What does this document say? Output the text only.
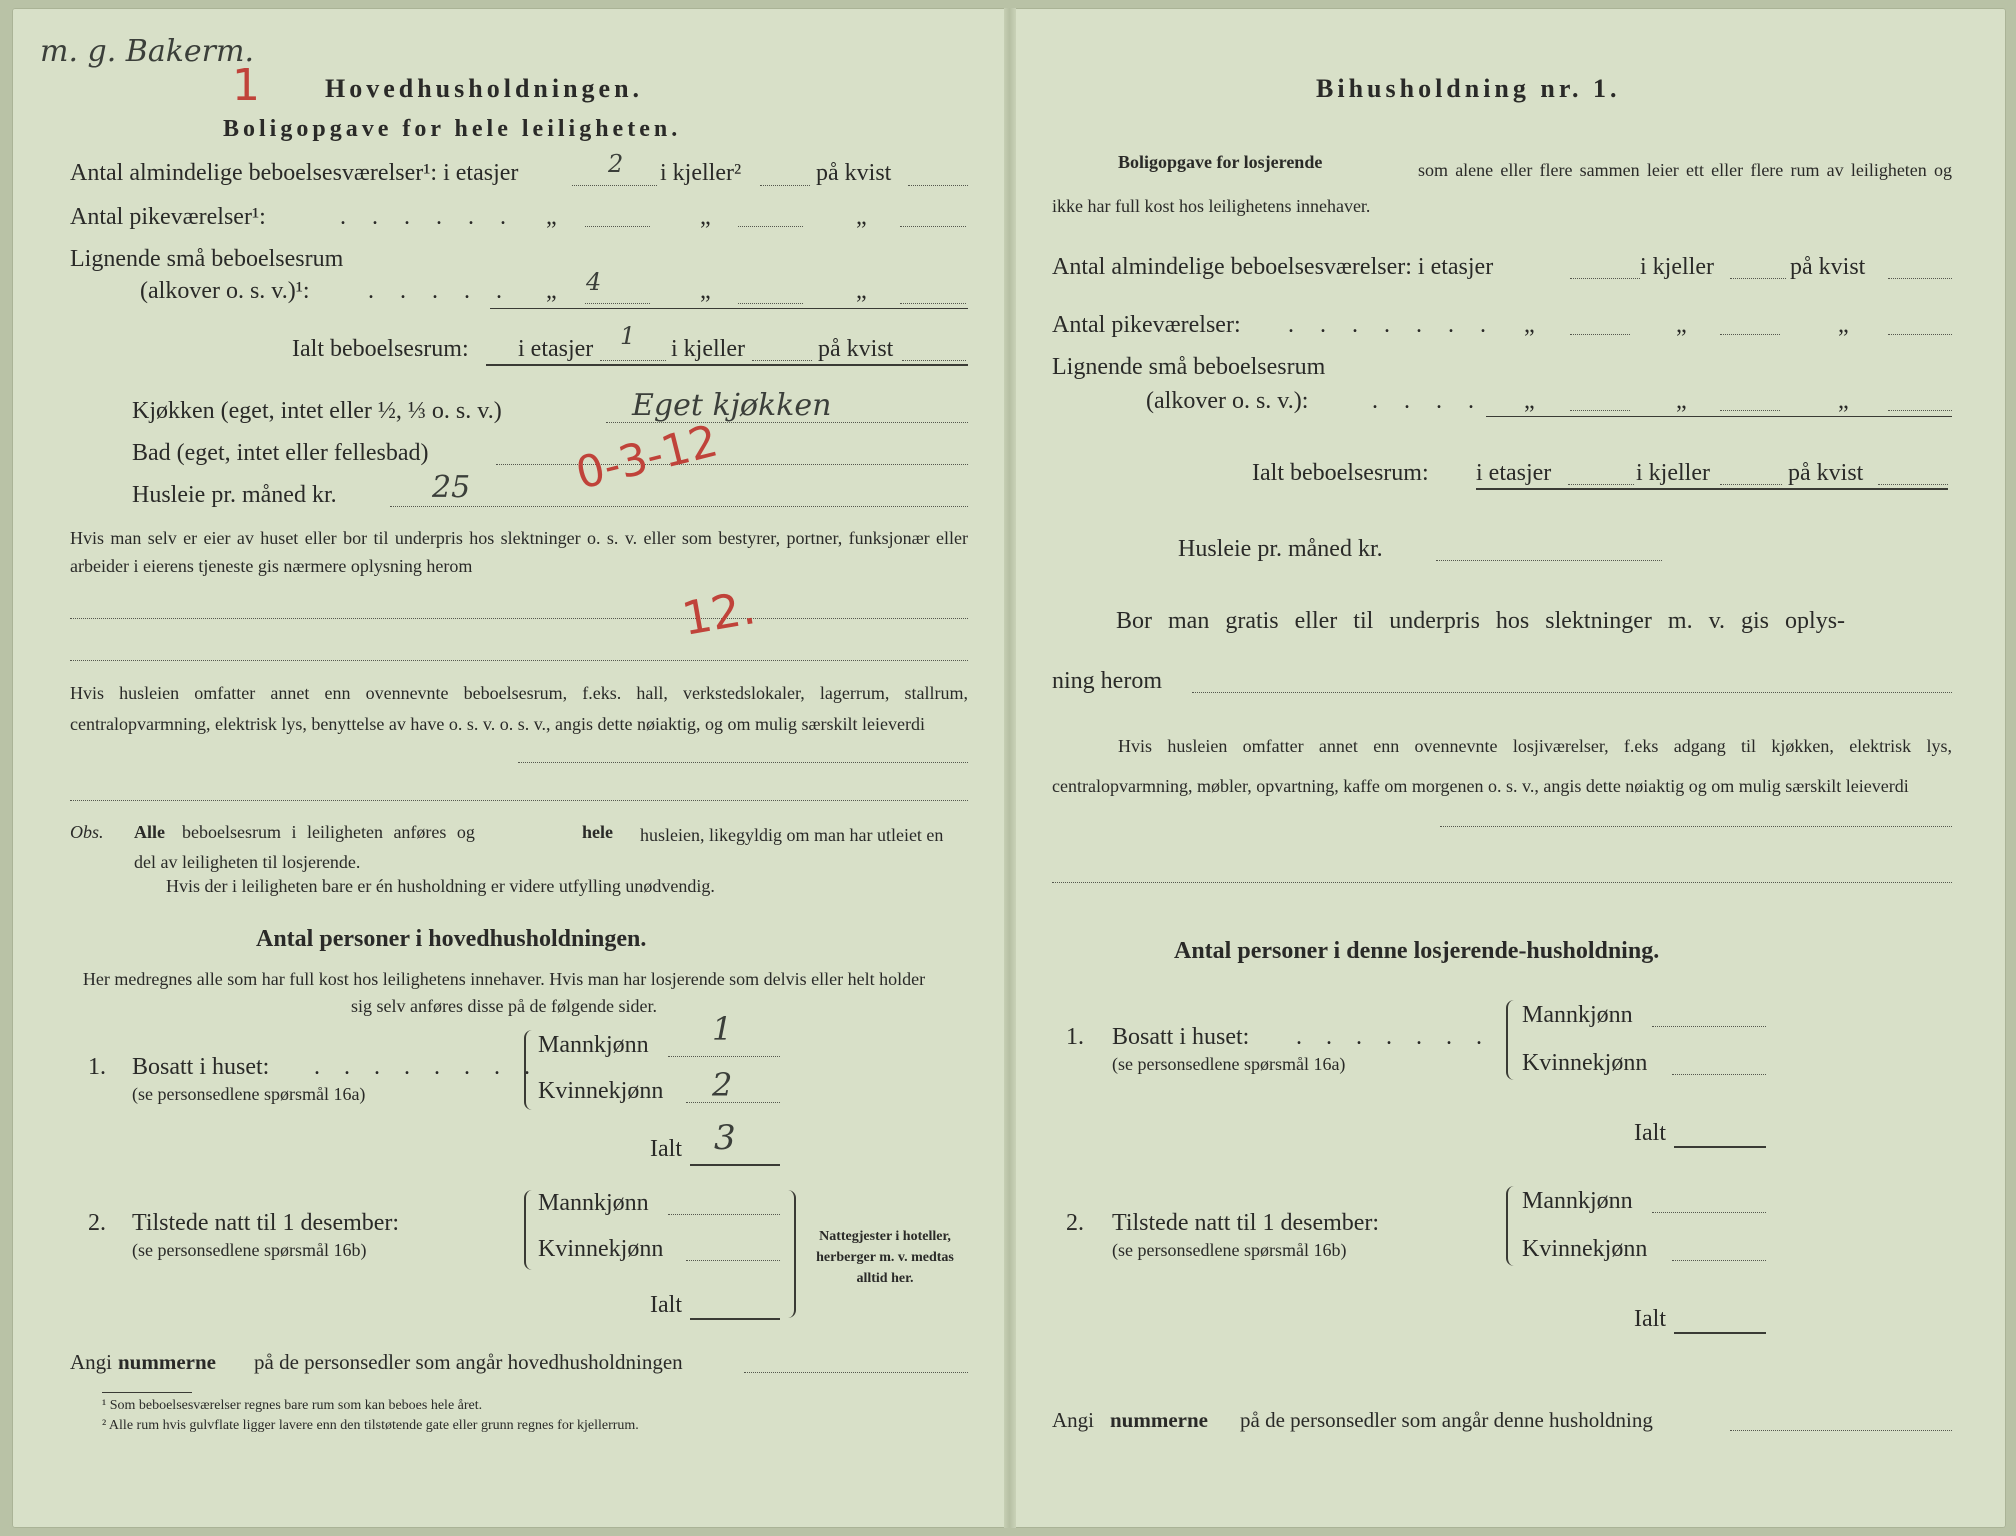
m. g. Bakerm.
1	Hovedhusholdningen.
Boligopgave for hele leiligheten.
Antal almindelige beboelsesværelser¹: i etasjer	2 i kjeller²	på kvist
Antal pikeværelser¹:	. . . . . . „	„	„
Lignende små beboelsesrum
(alkover o. s. v.)¹: . . . . . „ 4	„	„
Ialt beboelsesrum: i etasjer 1 i kjeller	på kvist
Kjøkken (eget, intet eller ½, ⅓ o. s. v.)	Eget kjøkken
Bad (eget, intet eller fellesbad)
Husleie pr. måned kr.	25 0-3-12
Hvis man selv er eier av huset eller bor til underpris hos slektninger o. s. v. eller som bestyrer, portner, funksjonær eller arbeider i eierens tjeneste gis nærmere oplysning herom
12.
Hvis husleien omfatter annet enn ovennevnte beboelsesrum, f.eks. hall, verkstedslokaler, lagerrum, stallrum, centralopvarmning, elektrisk lys, benyttelse av have o. s. v. o. s. v., angis dette nøiaktig, og om mulig særskilt leieverdi
Obs. Alle beboelsesrum i leiligheten anføres og	hele	husleien, likegyldig om man har utleiet en del av leiligheten til losjerende.
Hvis der i leiligheten bare er én husholdning er videre utfylling unødvendig.
Antal personer i hovedhusholdningen.
Her medregnes alle som har full kost hos leilighetens innehaver. Hvis man har losjerende som delvis eller helt holder sig selv anføres disse på de følgende sider.
1. Bosatt i huset: . . . . . . . .
(se personsedlene spørsmål 16a)
Mannkjønn 1
Kvinnekjønn 2
Ialt 3
2. Tilstede natt til 1 desember:
(se personsedlene spørsmål 16b)
Mannkjønn
Kvinnekjønn
Ialt
Nattegjester i hoteller, herberger m. v. medtas alltid her.
Angi nummerne på de personsedler som angår hovedhusholdningen
¹ Som beboelsesværelser regnes bare rum som kan beboes hele året.
² Alle rum hvis gulvflate ligger lavere enn den tilstøtende gate eller grunn regnes for kjellerrum.
Bihusholdning nr. 1.
Boligopgave for losjerende	som alene eller flere sammen leier ett eller flere rum av leiligheten og ikke har full kost hos leilighetens innehaver.
Antal almindelige beboelsesværelser: i etasjer	i kjeller	på kvist
Antal pikeværelser: . . . . . . . „	„	„
Lignende små beboelsesrum
(alkover o. s. v.):	. . . . „	„	„
Ialt beboelsesrum: i etasjer	i kjeller	på kvist
Husleie pr. måned kr.
Bor man gratis eller til underpris hos slektninger m. v. gis oplys-
ning herom
Hvis husleien omfatter annet enn ovennevnte losjiværelser, f.eks adgang til kjøkken, elektrisk lys, centralopvarmning, møbler, opvartning, kaffe om morgenen o. s. v., angis dette nøiaktig og om mulig særskilt leieverdi
Antal personer i denne losjerende-husholdning.
1. Bosatt i huset: . . . . . . .
(se personsedlene spørsmål 16a)
Mannkjønn
Kvinnekjønn
Ialt
2. Tilstede natt til 1 desember:
(se personsedlene spørsmål 16b)
Mannkjønn
Kvinnekjønn
Ialt
Angi nummerne på de personsedler som angår denne husholdning
